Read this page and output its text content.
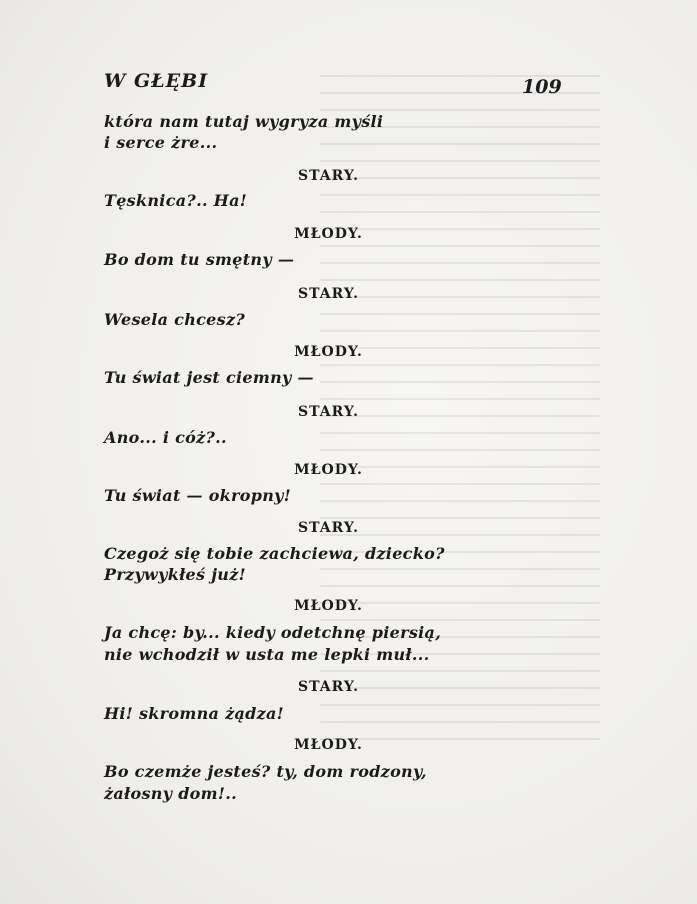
W GŁĘBI	109
która nam tutaj wygryza myśli
i serce żre...
STARY.
Tęsknica?.. Ha!
MŁODY.
Bo dom tu smętny —
STARY.
Wesela chcesz?
MŁODY.
Tu świat jest ciemny —
STARY.
Ano... i cóż?..
MŁODY.
Tu świat — okropny!
STARY.
Czegoż się tobie zachciewa, dziecko?
Przywykłeś już!
MŁODY.
Ja chcę: by... kiedy odetchnę piersią,
nie wchodził w usta me lepki muł...
STARY.
Hi! skromna żądza!
MŁODY.
Bo czemże jesteś? ty, dom rodzony,
żałosny dom!..
